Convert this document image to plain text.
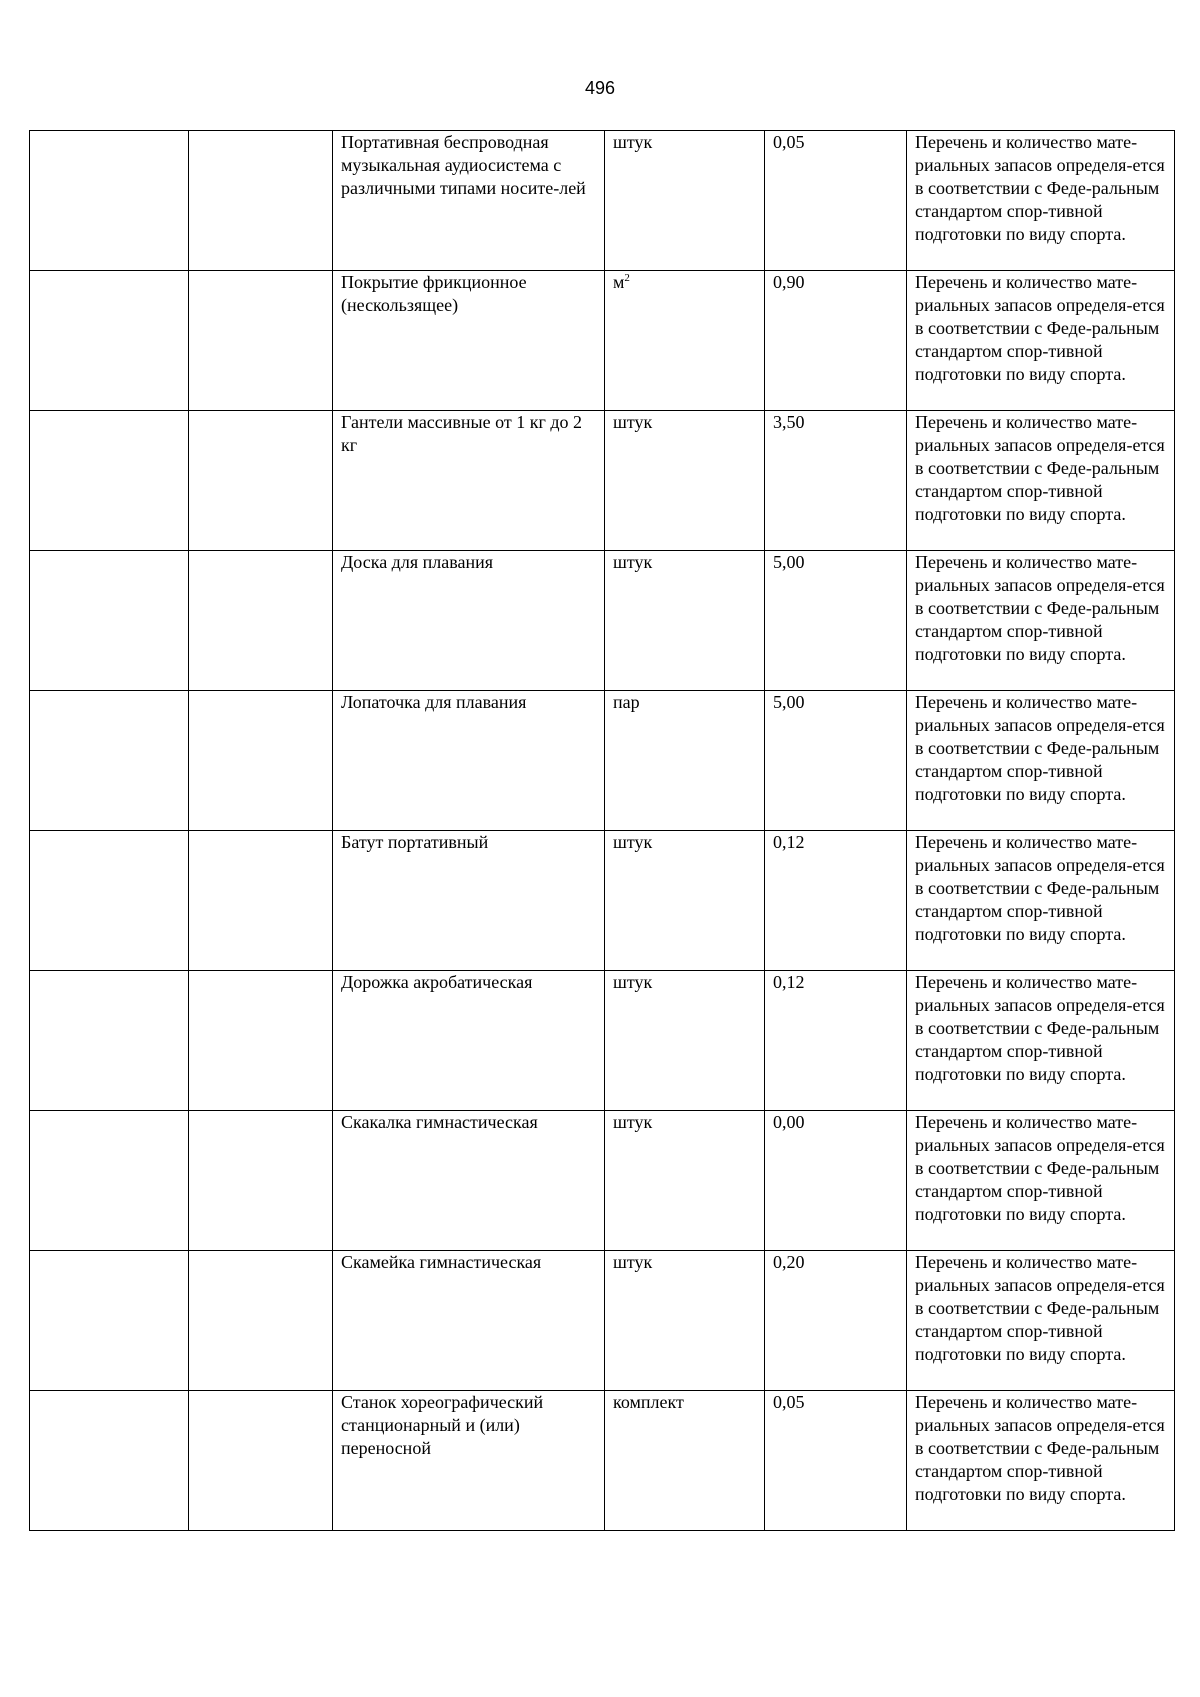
496
		Портативная беспроводная музыкальная аудиосистема с различными типами носите-лей	штук	0,05	Перечень и количество мате-риальных запасов определя-ется в соответствии с Феде-ральным стандартом спор-тивной подготовки по виду спорта.
		Покрытие фрикционное (нескользящее)	$м^2$	0,90	Перечень и количество мате-риальных запасов определя-ется в соответствии с Феде-ральным стандартом спор-тивной подготовки по виду спорта.
		Гантели массивные от 1 кг до 2 кг	штук	3,50	Перечень и количество мате-риальных запасов определя-ется в соответствии с Феде-ральным стандартом спор-тивной подготовки по виду спорта.
		Доска для плавания	штук	5,00	Перечень и количество мате-риальных запасов определя-ется в соответствии с Феде-ральным стандартом спор-тивной подготовки по виду спорта.
		Лопаточка для плавания	пар	5,00	Перечень и количество мате-риальных запасов определя-ется в соответствии с Феде-ральным стандартом спор-тивной подготовки по виду спорта.
		Батут портативный	штук	0,12	Перечень и количество мате-риальных запасов определя-ется в соответствии с Феде-ральным стандартом спор-тивной подготовки по виду спорта.
		Дорожка акробатическая	штук	0,12	Перечень и количество мате-риальных запасов определя-ется в соответствии с Феде-ральным стандартом спор-тивной подготовки по виду спорта.
		Скакалка гимнастическая	штук	0,00	Перечень и количество мате-риальных запасов определя-ется в соответствии с Феде-ральным стандартом спор-тивной подготовки по виду спорта.
		Скамейка гимнастическая	штук	0,20	Перечень и количество мате-риальных запасов определя-ется в соответствии с Феде-ральным стандартом спор-тивной подготовки по виду спорта.
		Станок хореографический станционарный и (или) переносной	комплект	0,05	Перечень и количество мате-риальных запасов определя-ется в соответствии с Феде-ральным стандартом спор-тивной подготовки по виду спорта.
